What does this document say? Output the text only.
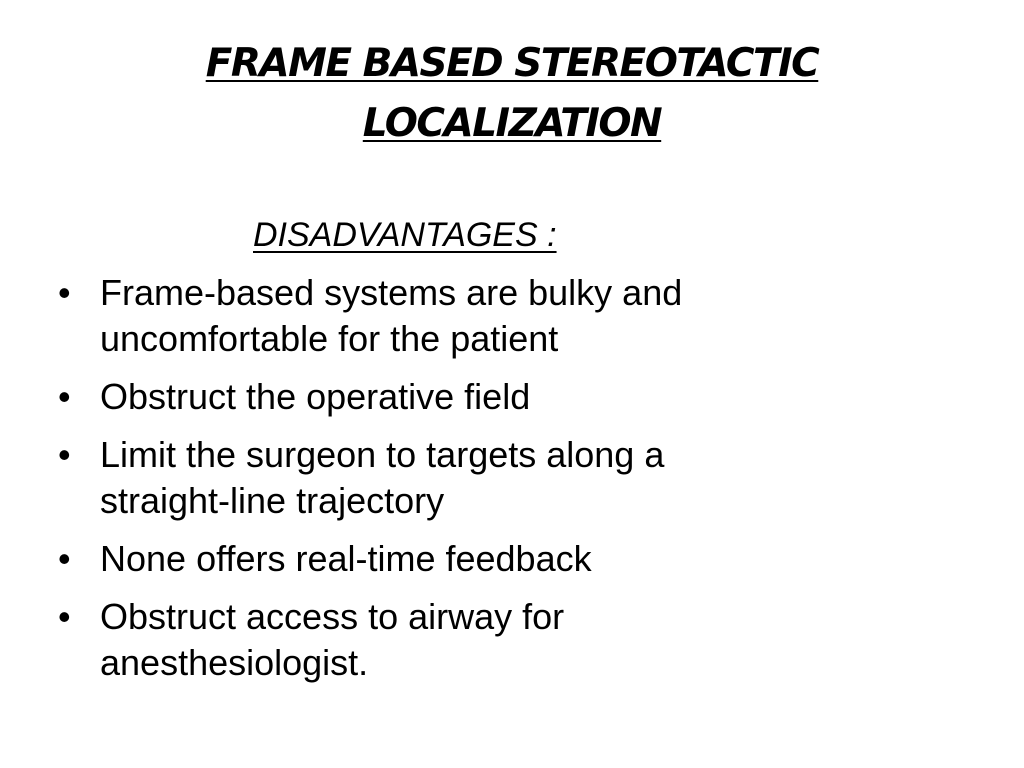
FRAME BASED STEREOTACTIC
LOCALIZATION
DISADVANTAGES :
• Frame-based systems are bulky and
uncomfortable for the patient
• Obstruct the operative field
• Limit the surgeon to targets along a
straight-line trajectory
• None offers real-time feedback
• Obstruct access to airway for
anesthesiologist.
